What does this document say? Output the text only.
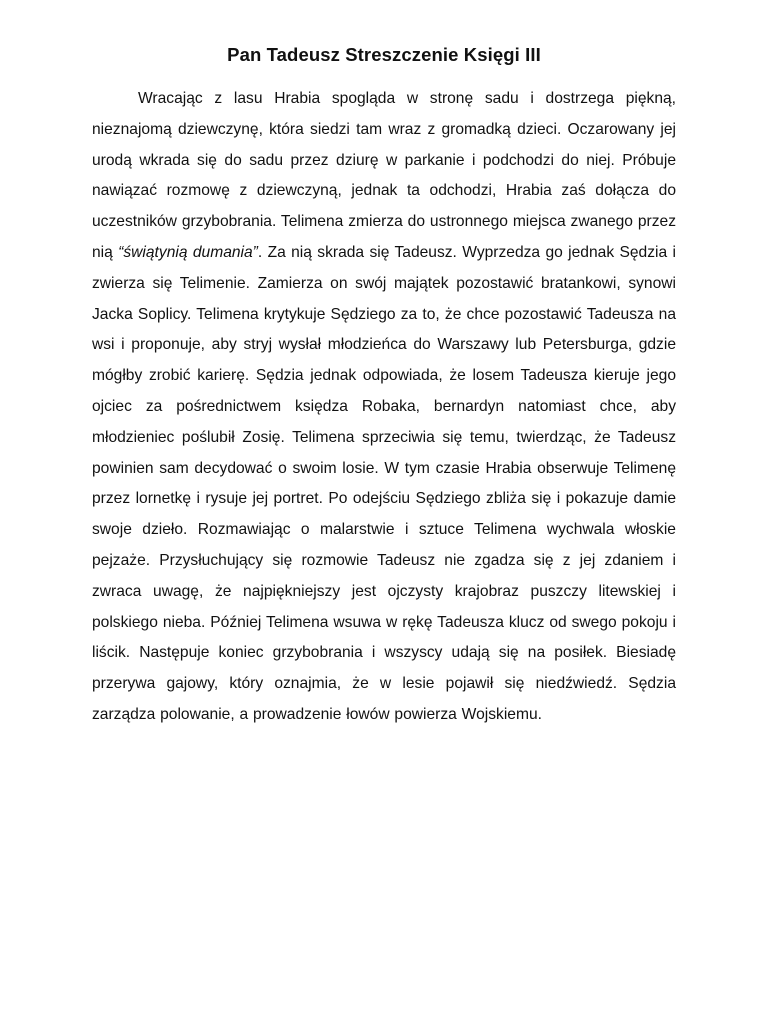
Pan Tadeusz Streszczenie Księgi III

Wracając z lasu Hrabia spogląda w stronę sadu i dostrzega piękną, nieznajomą dziewczynę, która siedzi tam wraz z gromadką dzieci. Oczarowany jej urodą wkrada się do sadu przez dziurę w parkanie i podchodzi do niej. Próbuje nawiązać rozmowę z dziewczyną, jednak ta odchodzi, Hrabia zaś dołącza do uczestników grzybobrania. Telimena zmierza do ustronnego miejsca zwanego przez nią “świątynią dumania”. Za nią skrada się Tadeusz. Wyprzedza go jednak Sędzia i zwierza się Telimenie. Zamierza on swój majątek pozostawić bratankowi, synowi Jacka Soplicy. Telimena krytykuje Sędziego za to, że chce pozostawić Tadeusza na wsi i proponuje, aby stryj wysłał młodzieńca do Warszawy lub Petersburga, gdzie mógłby zrobić karierę. Sędzia jednak odpowiada, że losem Tadeusza kieruje jego ojciec za pośrednictwem księdza Robaka, bernardyn natomiast chce, aby młodzieniec poślubił Zosię. Telimena sprzeciwia się temu, twierdząc, że Tadeusz powinien sam decydować o swoim losie. W tym czasie Hrabia obserwuje Telimenę przez lornetkę i rysuje jej portret. Po odejściu Sędziego zbliża się i pokazuje damie swoje dzieło. Rozmawiając o malarstwie i sztuce Telimena wychwala włoskie pejzaże. Przysłuchujący się rozmowie Tadeusz nie zgadza się z jej zdaniem i zwraca uwagę, że najpiękniejszy jest ojczysty krajobraz puszczy litewskiej i polskiego nieba. Później Telimena wsuwa w rękę Tadeusza klucz od swego pokoju i liścik. Następuje koniec grzybobrania i wszyscy udają się na posiłek. Biesiadę przerywa gajowy, który oznajmia, że w lesie pojawił się niedźwiedź. Sędzia zarządza polowanie, a prowadzenie łowów powierza Wojskiemu.
